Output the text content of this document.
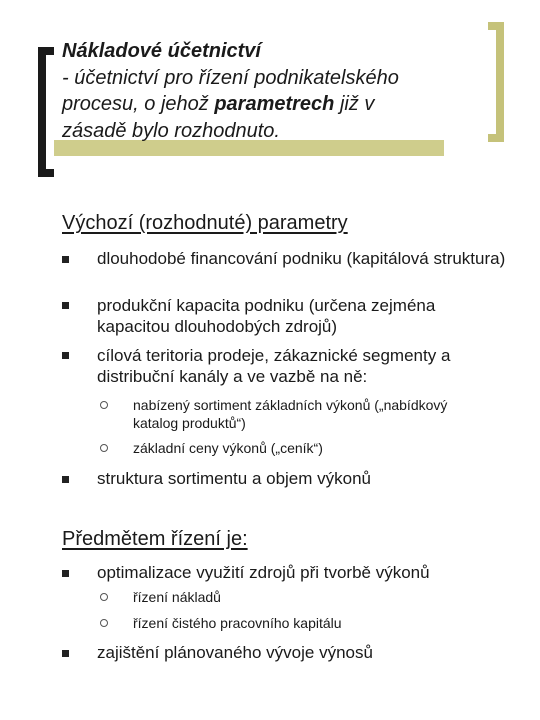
Nákladové účetnictví
- účetnictví pro řízení podnikatelského
procesu, o jehož parametrech již v
zásadě bylo rozhodnuto.
Výchozí (rozhodnuté) parametry
dlouhodobé financování podniku (kapitálová struktura)
produkční kapacita podniku (určena zejména kapacitou dlouhodobých zdrojů)
cílová teritoria prodeje, zákaznické segmenty a distribuční kanály a ve vazbě na ně:
nabízený sortiment základních výkonů („nabídkový katalog produktů“)
základní ceny výkonů („ceník“)
struktura sortimentu a objem výkonů
Předmětem řízení je:
optimalizace využití zdrojů při tvorbě výkonů
řízení nákladů
řízení čistého pracovního kapitálu
zajištění plánovaného vývoje výnosů
